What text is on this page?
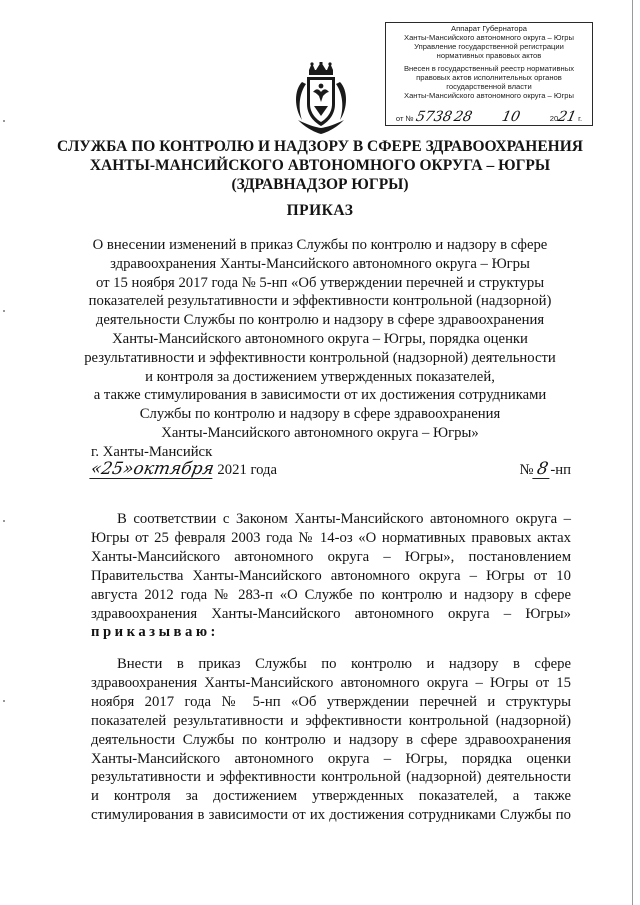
Аппарат Губернатора
Ханты-Мансийского автономного округа – Югры
Управление государственной регистрации
нормативных правовых актов
Внесен в государственный реестр нормативных
правовых актов исполнительных органов
государственной власти
Ханты-Мансийского автономного округа – Югры
от № 5738 28 10	2021 г.
СЛУЖБА ПО КОНТРОЛЮ И НАДЗОРУ В СФЕРЕ ЗДРАВООХРАНЕНИЯ
ХАНТЫ-МАНСИЙСКОГО АВТОНОМНОГО ОКРУГА – ЮГРЫ
(ЗДРАВНАДЗОР ЮГРЫ)
ПРИКАЗ
О внесении изменений в приказ Службы по контролю и надзору в сфере
здравоохранения Ханты-Мансийского автономного округа – Югры
от 15 ноября 2017 года № 5-нп «Об утверждении перечней и структуры
показателей результативности и эффективности контрольной (надзорной)
деятельности Службы по контролю и надзору в сфере здравоохранения
Ханты-Мансийского автономного округа – Югры, порядка оценки
результативности и эффективности контрольной (надзорной) деятельности
и контроля за достижением утвержденных показателей,
а также стимулирования в зависимости от их достижения сотрудниками
Службы по контролю и надзору в сфере здравоохранения
Ханты-Мансийского автономного округа – Югры»
г. Ханты-Мансийск
«25»октября 2021 года	№8-нп
В соответствии с Законом Ханты-Мансийского автономного округа –
Югры от 25 февраля 2003 года № 14-оз «О нормативных правовых актах
Ханты-Мансийского автономного округа – Югры», постановлением
Правительства Ханты-Мансийского автономного округа – Югры от 10
августа 2012 года № 283-п «О Службе по контролю и надзору в сфере
здравоохранения Ханты-Мансийского автономного округа – Югры»
приказываю:
Внести в приказ Службы по контролю и надзору в сфере
здравоохранения Ханты-Мансийского автономного округа – Югры от 15
ноября 2017 года № 5-нп «Об утверждении перечней и структуры
показателей результативности и эффективности контрольной (надзорной)
деятельности Службы по контролю и надзору в сфере здравоохранения
Ханты-Мансийского автономного округа – Югры, порядка оценки
результативности и эффективности контрольной (надзорной) деятельности
и контроля за достижением утвержденных показателей, а также
стимулирования в зависимости от их достижения сотрудниками Службы по
